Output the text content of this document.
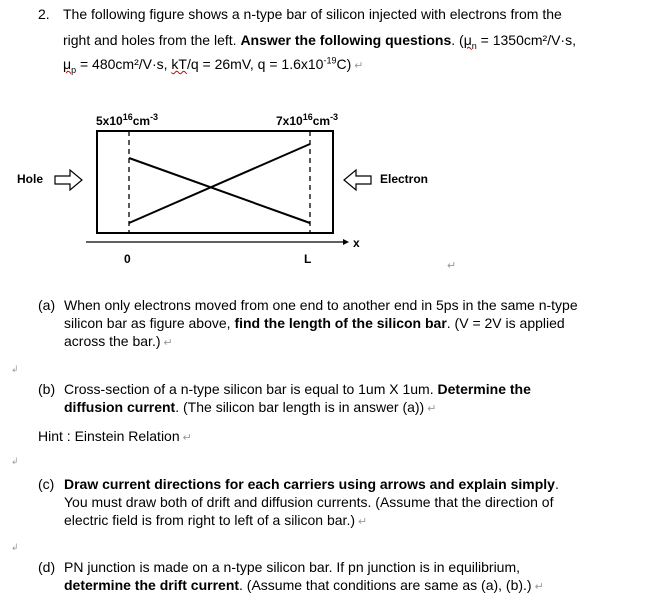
2. The following figure shows a n-type bar of silicon injected with electrons from the
right and holes from the left. Answer the following questions. ($\mu_n = 1350cm^2/V\cdot s$,
$\mu_p = 480cm^2/V\cdot s$, kT/q = 26mV, $q = 1.6x10^{-19}C$) ↵
$5x10^{16}cm^{-3}$	$7x10^{16}cm^{-3}$
Hole	Electron
x
0	L	↵
(a) When only electrons moved from one end to another end in 5ps in the same n-type
silicon bar as figure above, find the length of the silicon bar. (V = 2V is applied
across the bar.) ↵
↲
(b) Cross-section of a n-type silicon bar is equal to 1um X 1um. Determine the
diffusion current. (The silicon bar length is in answer (a)) ↵
Hint : Einstein Relation ↵
↲
(c) Draw current directions for each carriers using arrows and explain simply.
You must draw both of drift and diffusion currents. (Assume that the direction of
electric field is from right to left of a silicon bar.) ↵
↲
(d) PN junction is made on a n-type silicon bar. If pn junction is in equilibrium,
determine the drift current. (Assume that conditions are same as (a), (b).) ↵
